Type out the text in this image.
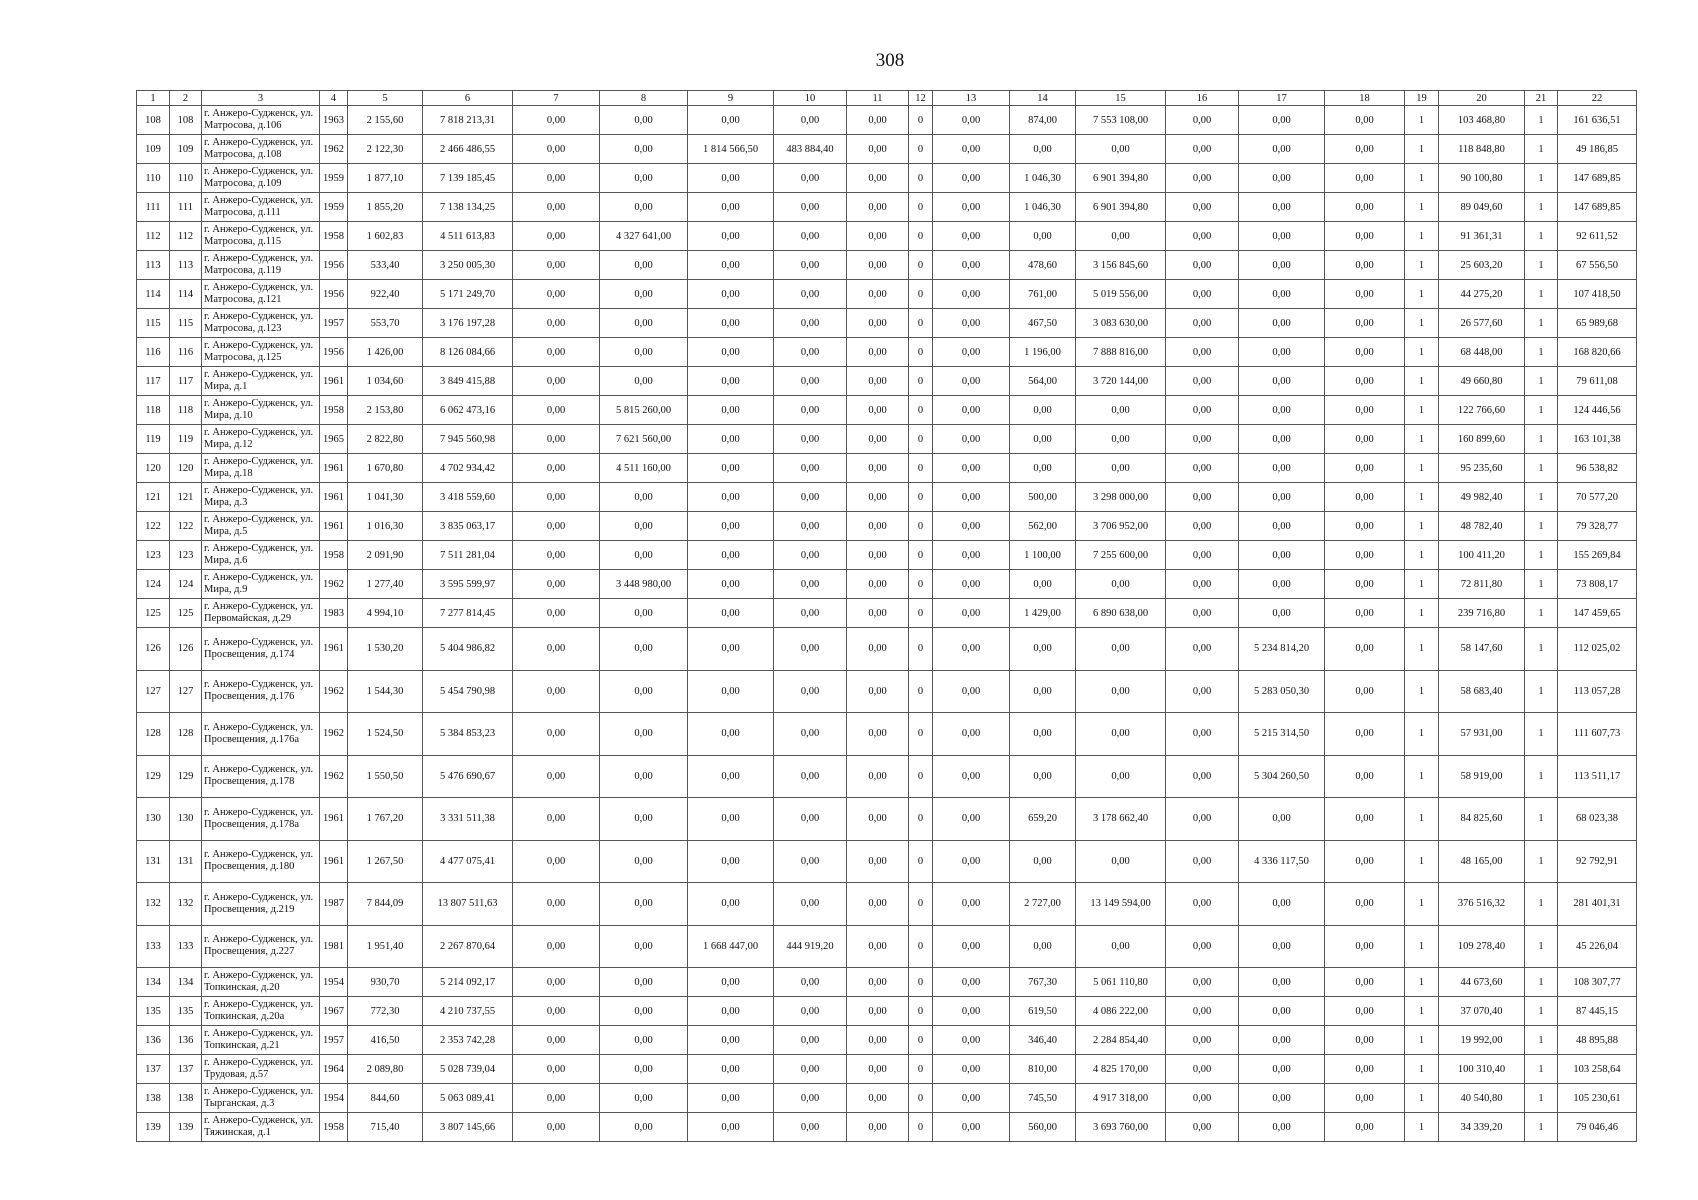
308
1	2	3	4	5	6	7	8	9	10	11	12	13	14	15	16	17	18	19	20	21	22
108	108	г. Анжеро-Судженск, ул. Матросова, д.106	1963	2 155,60	7 818 213,31	0,00	0,00	0,00	0,00	0,00	0	0,00	874,00	7 553 108,00	0,00	0,00	0,00	1	103 468,80	1	161 636,51
109	109	г. Анжеро-Судженск, ул. Матросова, д.108	1962	2 122,30	2 466 486,55	0,00	0,00	1 814 566,50	483 884,40	0,00	0	0,00	0,00	0,00	0,00	0,00	0,00	1	118 848,80	1	49 186,85
110	110	г. Анжеро-Судженск, ул. Матросова, д.109	1959	1 877,10	7 139 185,45	0,00	0,00	0,00	0,00	0,00	0	0,00	1 046,30	6 901 394,80	0,00	0,00	0,00	1	90 100,80	1	147 689,85
111	111	г. Анжеро-Судженск, ул. Матросова, д.111	1959	1 855,20	7 138 134,25	0,00	0,00	0,00	0,00	0,00	0	0,00	1 046,30	6 901 394,80	0,00	0,00	0,00	1	89 049,60	1	147 689,85
112	112	г. Анжеро-Судженск, ул. Матросова, д.115	1958	1 602,83	4 511 613,83	0,00	4 327 641,00	0,00	0,00	0,00	0	0,00	0,00	0,00	0,00	0,00	0,00	1	91 361,31	1	92 611,52
113	113	г. Анжеро-Судженск, ул. Матросова, д.119	1956	533,40	3 250 005,30	0,00	0,00	0,00	0,00	0,00	0	0,00	478,60	3 156 845,60	0,00	0,00	0,00	1	25 603,20	1	67 556,50
114	114	г. Анжеро-Судженск, ул. Матросова, д.121	1956	922,40	5 171 249,70	0,00	0,00	0,00	0,00	0,00	0	0,00	761,00	5 019 556,00	0,00	0,00	0,00	1	44 275,20	1	107 418,50
115	115	г. Анжеро-Судженск, ул. Матросова, д.123	1957	553,70	3 176 197,28	0,00	0,00	0,00	0,00	0,00	0	0,00	467,50	3 083 630,00	0,00	0,00	0,00	1	26 577,60	1	65 989,68
116	116	г. Анжеро-Судженск, ул. Матросова, д.125	1956	1 426,00	8 126 084,66	0,00	0,00	0,00	0,00	0,00	0	0,00	1 196,00	7 888 816,00	0,00	0,00	0,00	1	68 448,00	1	168 820,66
117	117	г. Анжеро-Судженск, ул. Мира, д.1	1961	1 034,60	3 849 415,88	0,00	0,00	0,00	0,00	0,00	0	0,00	564,00	3 720 144,00	0,00	0,00	0,00	1	49 660,80	1	79 611,08
118	118	г. Анжеро-Судженск, ул. Мира, д.10	1958	2 153,80	6 062 473,16	0,00	5 815 260,00	0,00	0,00	0,00	0	0,00	0,00	0,00	0,00	0,00	0,00	1	122 766,60	1	124 446,56
119	119	г. Анжеро-Судженск, ул. Мира, д.12	1965	2 822,80	7 945 560,98	0,00	7 621 560,00	0,00	0,00	0,00	0	0,00	0,00	0,00	0,00	0,00	0,00	1	160 899,60	1	163 101,38
120	120	г. Анжеро-Судженск, ул. Мира, д.18	1961	1 670,80	4 702 934,42	0,00	4 511 160,00	0,00	0,00	0,00	0	0,00	0,00	0,00	0,00	0,00	0,00	1	95 235,60	1	96 538,82
121	121	г. Анжеро-Судженск, ул. Мира, д.3	1961	1 041,30	3 418 559,60	0,00	0,00	0,00	0,00	0,00	0	0,00	500,00	3 298 000,00	0,00	0,00	0,00	1	49 982,40	1	70 577,20
122	122	г. Анжеро-Судженск, ул. Мира, д.5	1961	1 016,30	3 835 063,17	0,00	0,00	0,00	0,00	0,00	0	0,00	562,00	3 706 952,00	0,00	0,00	0,00	1	48 782,40	1	79 328,77
123	123	г. Анжеро-Судженск, ул. Мира, д.6	1958	2 091,90	7 511 281,04	0,00	0,00	0,00	0,00	0,00	0	0,00	1 100,00	7 255 600,00	0,00	0,00	0,00	1	100 411,20	1	155 269,84
124	124	г. Анжеро-Судженск, ул. Мира, д.9	1962	1 277,40	3 595 599,97	0,00	3 448 980,00	0,00	0,00	0,00	0	0,00	0,00	0,00	0,00	0,00	0,00	1	72 811,80	1	73 808,17
125	125	г. Анжеро-Судженск, ул. Первомайская, д.29	1983	4 994,10	7 277 814,45	0,00	0,00	0,00	0,00	0,00	0	0,00	1 429,00	6 890 638,00	0,00	0,00	0,00	1	239 716,80	1	147 459,65
126	126	г. Анжеро-Судженск, ул. Просвещения, д.174	1961	1 530,20	5 404 986,82	0,00	0,00	0,00	0,00	0,00	0	0,00	0,00	0,00	0,00	5 234 814,20	0,00	1	58 147,60	1	112 025,02
127	127	г. Анжеро-Судженск, ул. Просвещения, д.176	1962	1 544,30	5 454 790,98	0,00	0,00	0,00	0,00	0,00	0	0,00	0,00	0,00	0,00	5 283 050,30	0,00	1	58 683,40	1	113 057,28
128	128	г. Анжеро-Судженск, ул. Просвещения, д.176а	1962	1 524,50	5 384 853,23	0,00	0,00	0,00	0,00	0,00	0	0,00	0,00	0,00	0,00	5 215 314,50	0,00	1	57 931,00	1	111 607,73
129	129	г. Анжеро-Судженск, ул. Просвещения, д.178	1962	1 550,50	5 476 690,67	0,00	0,00	0,00	0,00	0,00	0	0,00	0,00	0,00	0,00	5 304 260,50	0,00	1	58 919,00	1	113 511,17
130	130	г. Анжеро-Судженск, ул. Просвещения, д.178а	1961	1 767,20	3 331 511,38	0,00	0,00	0,00	0,00	0,00	0	0,00	659,20	3 178 662,40	0,00	0,00	0,00	1	84 825,60	1	68 023,38
131	131	г. Анжеро-Судженск, ул. Просвещения, д.180	1961	1 267,50	4 477 075,41	0,00	0,00	0,00	0,00	0,00	0	0,00	0,00	0,00	0,00	4 336 117,50	0,00	1	48 165,00	1	92 792,91
132	132	г. Анжеро-Судженск, ул. Просвещения, д.219	1987	7 844,09	13 807 511,63	0,00	0,00	0,00	0,00	0,00	0	0,00	2 727,00	13 149 594,00	0,00	0,00	0,00	1	376 516,32	1	281 401,31
133	133	г. Анжеро-Судженск, ул. Просвещения, д.227	1981	1 951,40	2 267 870,64	0,00	0,00	1 668 447,00	444 919,20	0,00	0	0,00	0,00	0,00	0,00	0,00	0,00	1	109 278,40	1	45 226,04
134	134	г. Анжеро-Судженск, ул. Топкинская, д.20	1954	930,70	5 214 092,17	0,00	0,00	0,00	0,00	0,00	0	0,00	767,30	5 061 110,80	0,00	0,00	0,00	1	44 673,60	1	108 307,77
135	135	г. Анжеро-Судженск, ул. Топкинская, д.20а	1967	772,30	4 210 737,55	0,00	0,00	0,00	0,00	0,00	0	0,00	619,50	4 086 222,00	0,00	0,00	0,00	1	37 070,40	1	87 445,15
136	136	г. Анжеро-Судженск, ул. Топкинская, д.21	1957	416,50	2 353 742,28	0,00	0,00	0,00	0,00	0,00	0	0,00	346,40	2 284 854,40	0,00	0,00	0,00	1	19 992,00	1	48 895,88
137	137	г. Анжеро-Судженск, ул. Трудовая, д.57	1964	2 089,80	5 028 739,04	0,00	0,00	0,00	0,00	0,00	0	0,00	810,00	4 825 170,00	0,00	0,00	0,00	1	100 310,40	1	103 258,64
138	138	г. Анжеро-Судженск, ул. Тырганская, д.3	1954	844,60	5 063 089,41	0,00	0,00	0,00	0,00	0,00	0	0,00	745,50	4 917 318,00	0,00	0,00	0,00	1	40 540,80	1	105 230,61
139	139	г. Анжеро-Судженск, ул. Тяжинская, д.1	1958	715,40	3 807 145,66	0,00	0,00	0,00	0,00	0,00	0	0,00	560,00	3 693 760,00	0,00	0,00	0,00	1	34 339,20	1	79 046,46
